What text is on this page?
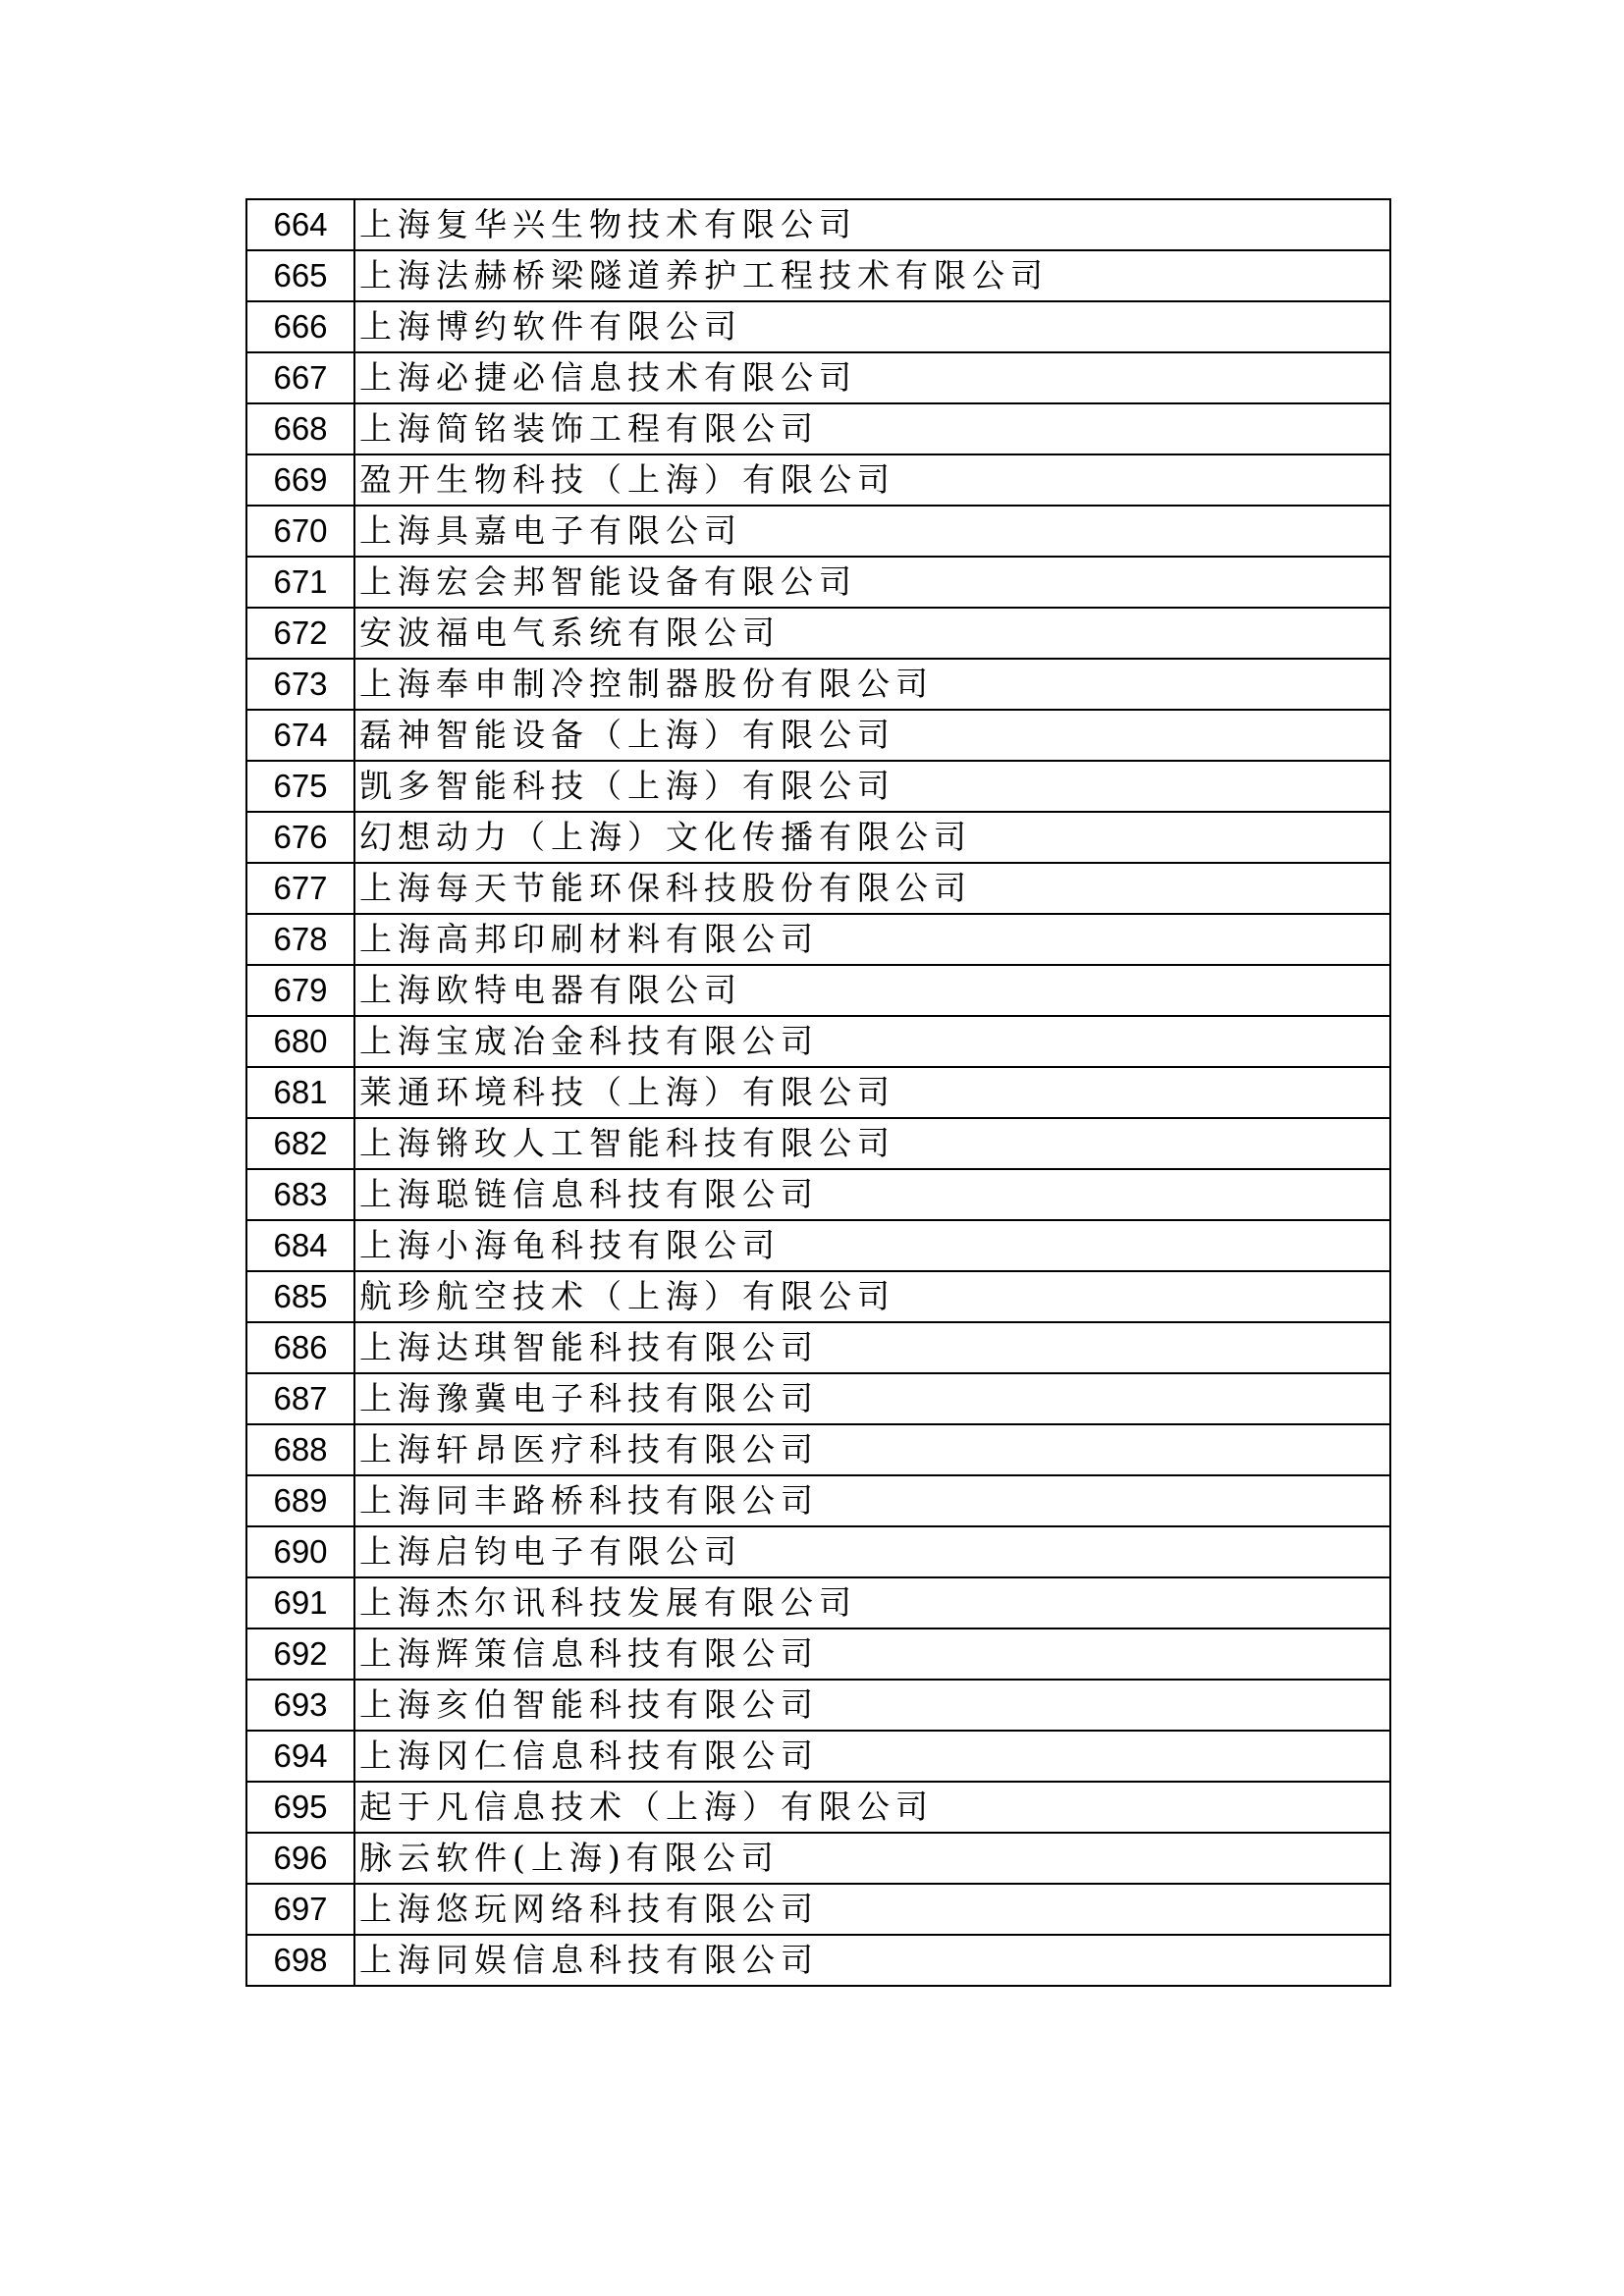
664	上海复华兴生物技术有限公司
665	上海法赫桥梁隧道养护工程技术有限公司
666	上海博约软件有限公司
667	上海必捷必信息技术有限公司
668	上海简铭装饰工程有限公司
669	盈开生物科技（上海）有限公司
670	上海具嘉电子有限公司
671	上海宏会邦智能设备有限公司
672	安波福电气系统有限公司
673	上海奉申制冷控制器股份有限公司
674	磊神智能设备（上海）有限公司
675	凯多智能科技（上海）有限公司
676	幻想动力（上海）文化传播有限公司
677	上海每天节能环保科技股份有限公司
678	上海高邦印刷材料有限公司
679	上海欧特电器有限公司
680	上海宝宬冶金科技有限公司
681	莱通环境科技（上海）有限公司
682	上海锵玫人工智能科技有限公司
683	上海聪链信息科技有限公司
684	上海小海龟科技有限公司
685	航珍航空技术（上海）有限公司
686	上海达琪智能科技有限公司
687	上海豫冀电子科技有限公司
688	上海轩昂医疗科技有限公司
689	上海同丰路桥科技有限公司
690	上海启钧电子有限公司
691	上海杰尔讯科技发展有限公司
692	上海辉策信息科技有限公司
693	上海亥伯智能科技有限公司
694	上海冈仁信息科技有限公司
695	起于凡信息技术（上海）有限公司
696	脉云软件(上海)有限公司
697	上海悠玩网络科技有限公司
698	上海同娱信息科技有限公司
